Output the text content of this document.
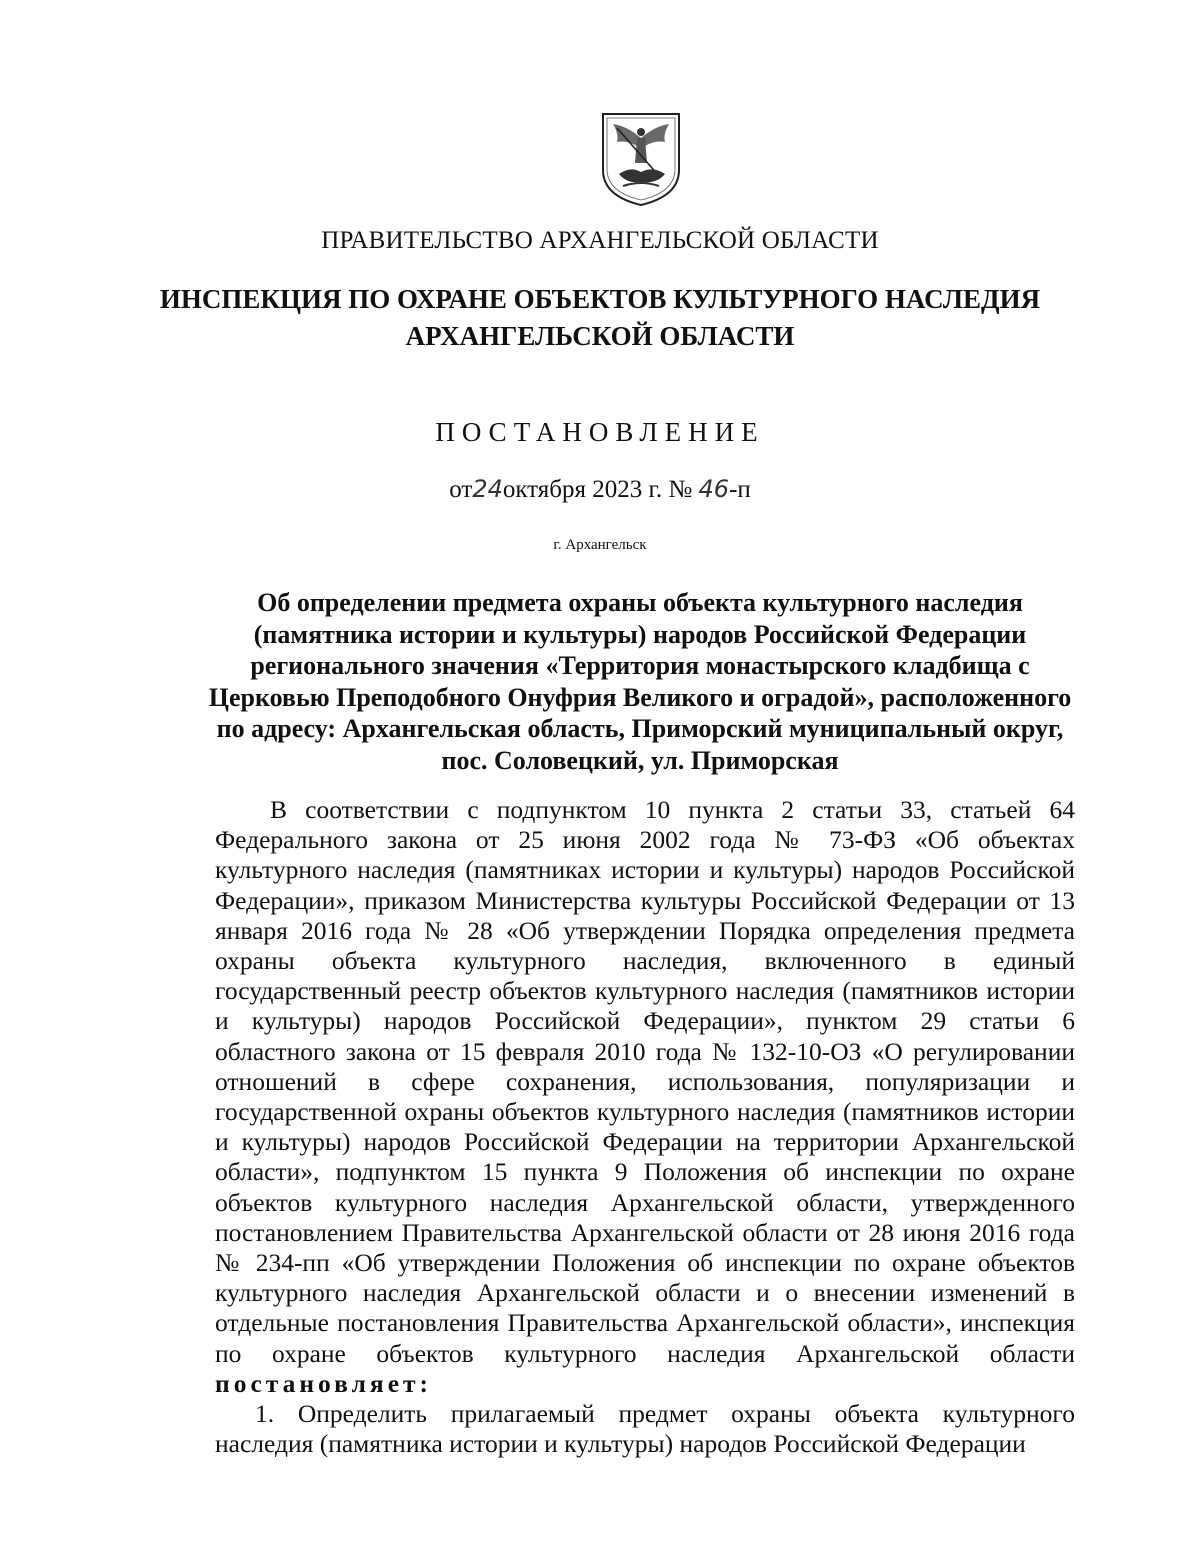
ПРАВИТЕЛЬСТВО АРХАНГЕЛЬСКОЙ ОБЛАСТИ
ИНСПЕКЦИЯ ПО ОХРАНЕ ОБЪЕКТОВ КУЛЬТУРНОГО НАСЛЕДИЯ
АРХАНГЕЛЬСКОЙ ОБЛАСТИ
ПОСТАНОВЛЕНИЕ
от24октября 2023 г. № 46-п
г. Архангельск
Об определении предмета охраны объекта культурного наследия
(памятника истории и культуры) народов Российской Федерации
регионального значения «Территория монастырского кладбища с
Церковью Преподобного Онуфрия Великого и оградой», расположенного
по адресу: Архангельская область, Приморский муниципальный округ,
пос. Соловецкий, ул. Приморская

В соответствии с подпунктом 10 пункта 2 статьи 33, статьей 64 Федерального закона от 25 июня 2002 года № 73-ФЗ «Об объектах культурного наследия (памятниках истории и культуры) народов Российской Федерации», приказом Министерства культуры Российской Федерации от 13 января 2016 года № 28 «Об утверждении Порядка определения предмета охраны объекта культурного наследия, включенного в единый государственный реестр объектов культурного наследия (памятников истории и культуры) народов Российской Федерации», пунктом 29 статьи 6 областного закона от 15 февраля 2010 года № 132-10-ОЗ «О регулировании отношений в сфере сохранения, использования, популяризации и государственной охраны объектов культурного наследия (памятников истории и культуры) народов Российской Федерации на территории Архангельской области», подпунктом 15 пункта 9 Положения об инспекции по охране объектов культурного наследия Архангельской области, утвержденного постановлением Правительства Архангельской области от 28 июня 2016 года № 234-пп «Об утверждении Положения об инспекции по охране объектов культурного наследия Архангельской области и о внесении изменений в отдельные постановления Правительства Архангельской области», инспекция по охране объектов культурного наследия Архангельской области постановляет:

1. Определить прилагаемый предмет охраны объекта культурного наследия (памятника истории и культуры) народов Российской Федерации
